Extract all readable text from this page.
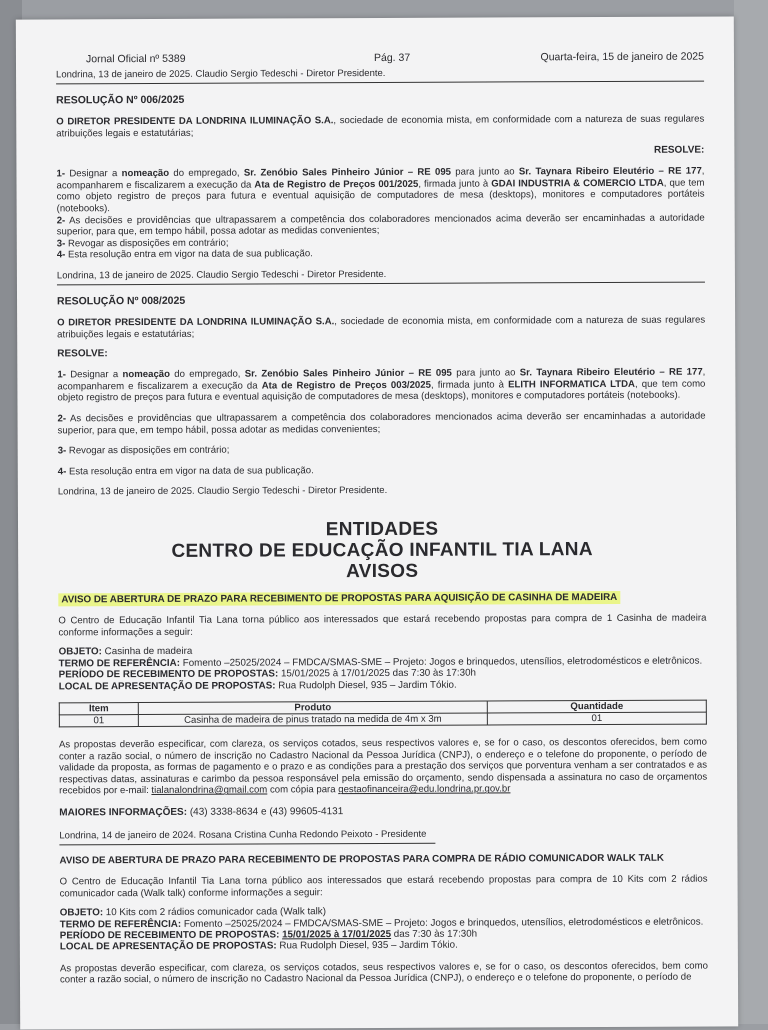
Jornal Oficial nº 5389	Pág. 37	Quarta-feira, 15 de janeiro de 2025
Londrina, 13 de janeiro de 2025. Claudio Sergio Tedeschi - Diretor Presidente.
RESOLUÇÃO Nº 006/2025

O DIRETOR PRESIDENTE DA LONDRINA ILUMINAÇÃO S.A., sociedade de economia mista, em conformidade com a natureza de suas regulares atribuições legais e estatutárias;

RESOLVE:

1- Designar a nomeação do empregado, Sr. Zenóbio Sales Pinheiro Júnior – RE 095 para junto ao Sr. Taynara Ribeiro Eleutério – RE 177, acompanharem e fiscalizarem a execução da Ata de Registro de Preços 001/2025, firmada junto à GDAI INDUSTRIA & COMERCIO LTDA, que tem como objeto registro de preços para futura e eventual aquisição de computadores de mesa (desktops), monitores e computadores portáteis (notebooks).

2- As decisões e providências que ultrapassarem a competência dos colaboradores mencionados acima deverão ser encaminhadas a autoridade superior, para que, em tempo hábil, possa adotar as medidas convenientes;

3- Revogar as disposições em contrário;

4- Esta resolução entra em vigor na data de sua publicação.

Londrina, 13 de janeiro de 2025. Claudio Sergio Tedeschi - Diretor Presidente.
RESOLUÇÃO Nº 008/2025

O DIRETOR PRESIDENTE DA LONDRINA ILUMINAÇÃO S.A., sociedade de economia mista, em conformidade com a natureza de suas regulares atribuições legais e estatutárias;

RESOLVE:

1- Designar a nomeação do empregado, Sr. Zenóbio Sales Pinheiro Júnior – RE 095 para junto ao Sr. Taynara Ribeiro Eleutério – RE 177, acompanharem e fiscalizarem a execução da Ata de Registro de Preços 003/2025, firmada junto à ELITH INFORMATICA LTDA, que tem como objeto registro de preços para futura e eventual aquisição de computadores de mesa (desktops), monitores e computadores portáteis (notebooks).

2- As decisões e providências que ultrapassarem a competência dos colaboradores mencionados acima deverão ser encaminhadas a autoridade superior, para que, em tempo hábil, possa adotar as medidas convenientes;

3- Revogar as disposições em contrário;

4- Esta resolução entra em vigor na data de sua publicação.

Londrina, 13 de janeiro de 2025. Claudio Sergio Tedeschi - Diretor Presidente.
ENTIDADES
CENTRO DE EDUCAÇÃO INFANTIL TIA LANA
AVISOS
AVISO DE ABERTURA DE PRAZO PARA RECEBIMENTO DE PROPOSTAS PARA AQUISIÇÃO DE CASINHA DE MADEIRA

O Centro de Educação Infantil Tia Lana torna público aos interessados que estará recebendo propostas para compra de 1 Casinha de madeira conforme informações a seguir:

OBJETO: Casinha de madeira
TERMO DE REFERÊNCIA: Fomento –25025/2024 – FMDCA/SMAS-SME – Projeto: Jogos e brinquedos, utensílios, eletrodomésticos e eletrônicos.
PERÍODO DE RECEBIMENTO DE PROPOSTAS: 15/01/2025 à 17/01/2025 das 7:30 às 17:30h
LOCAL DE APRESENTAÇÃO DE PROPOSTAS: Rua Rudolph Diesel, 935 – Jardim Tókio.
Item	Produto	Quantidade
01	Casinha de madeira de pinus tratado na medida de 4m x 3m	01

As propostas deverão especificar, com clareza, os serviços cotados, seus respectivos valores e, se for o caso, os descontos oferecidos, bem como conter a razão social, o número de inscrição no Cadastro Nacional da Pessoa Jurídica (CNPJ), o endereço e o telefone do proponente, o período de validade da proposta, as formas de pagamento e o prazo e as condições para a prestação dos serviços que porventura venham a ser contratados e as respectivas datas, assinaturas e carimbo da pessoa responsável pela emissão do orçamento, sendo dispensada a assinatura no caso de orçamentos recebidos por e-mail: tialanalondrina@gmail.com com cópia para gestaofinanceira@edu.londrina.pr.gov.br

MAIORES INFORMAÇÕES: (43) 3338-8634 e (43) 99605-4131
Londrina, 14 de janeiro de 2024. Rosana Cristina Cunha Redondo Peixoto - Presidente
AVISO DE ABERTURA DE PRAZO PARA RECEBIMENTO DE PROPOSTAS PARA COMPRA DE RÁDIO COMUNICADOR WALK TALK

O Centro de Educação Infantil Tia Lana torna público aos interessados que estará recebendo propostas para compra de 10 Kits com 2 rádios comunicador cada (Walk talk) conforme informações a seguir:

OBJETO: 10 Kits com 2 rádios comunicador cada (Walk talk)
TERMO DE REFERÊNCIA: Fomento –25025/2024 – FMDCA/SMAS-SME – Projeto: Jogos e brinquedos, utensílios, eletrodomésticos e eletrônicos.
PERÍODO DE RECEBIMENTO DE PROPOSTAS: 15/01/2025 à 17/01/2025 das 7:30 às 17:30h
LOCAL DE APRESENTAÇÃO DE PROPOSTAS: Rua Rudolph Diesel, 935 – Jardim Tókio.

As propostas deverão especificar, com clareza, os serviços cotados, seus respectivos valores e, se for o caso, os descontos oferecidos, bem como conter a razão social, o número de inscrição no Cadastro Nacional da Pessoa Jurídica (CNPJ), o endereço e o telefone do proponente, o período de
